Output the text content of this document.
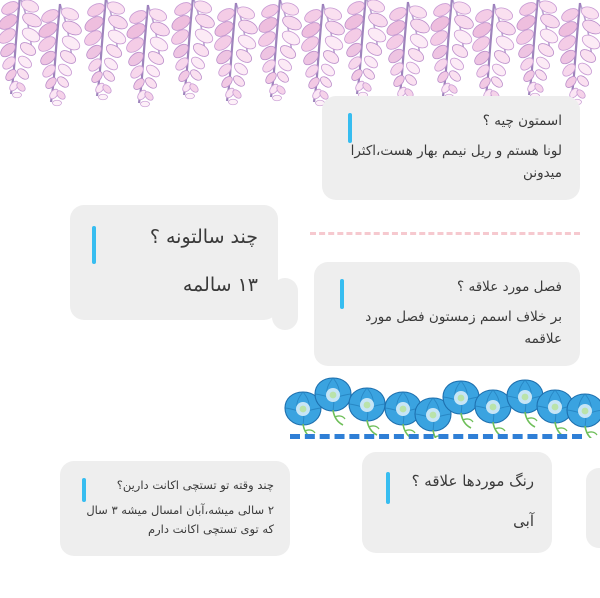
اسمتون چیه ؟
لونا هستم و ریل نیمم بهار هست،اکثرا میدونن
چند سالتونه ؟
۱۳ سالمه	فصل مورد علاقه ؟
بر خلاف اسمم زمستون فصل مورد علاقمه
چند وقته تو تستچی اکانت دارین؟
۲ سالی میشه،آبان امسال میشه ۳ سال که توی تستچی اکانت دارم
رنگ موردها علاقه ؟
آبی
